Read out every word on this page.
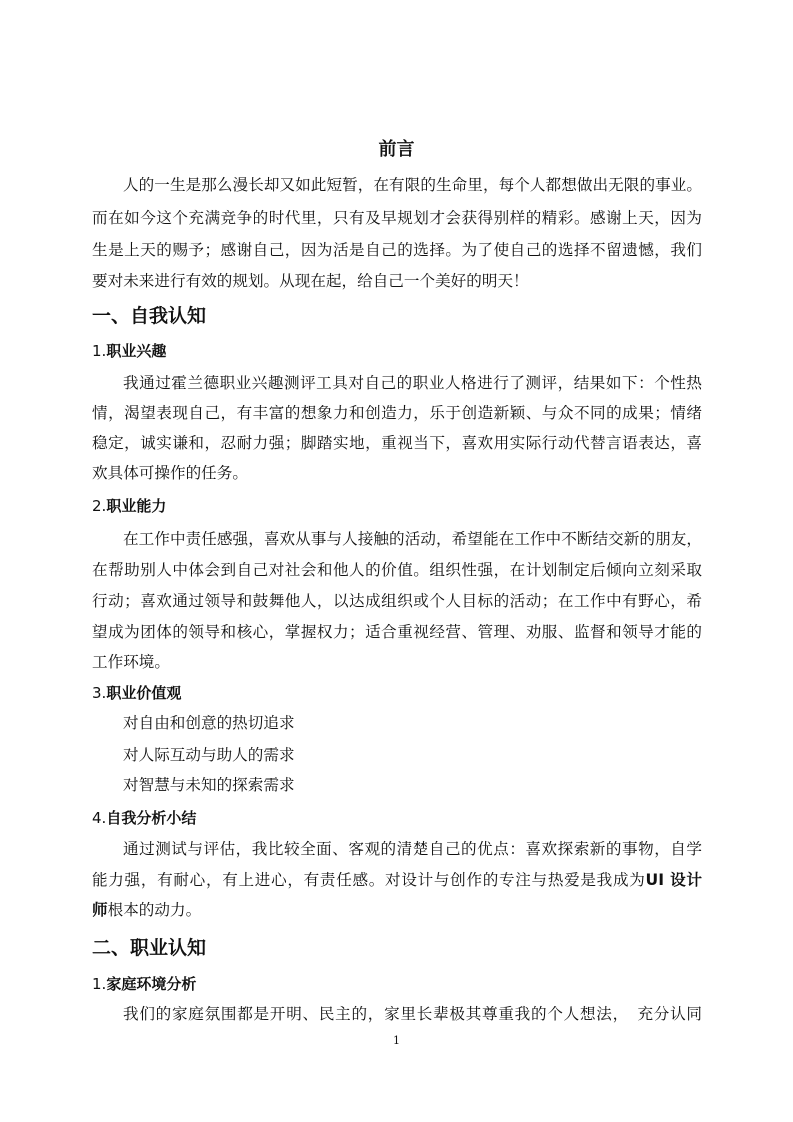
前言
人的一生是那么漫长却又如此短暂，在有限的生命里，每个人都想做出无限的事业。
而在如今这个充满竞争的时代里，只有及早规划才会获得别样的精彩。感谢上天，因为
生是上天的赐予；感谢自己，因为活是自己的选择。为了使自己的选择不留遗憾，我们
要对未来进行有效的规划。从现在起，给自己一个美好的明天！
一、自我认知
1.职业兴趣
我通过霍兰德职业兴趣测评工具对自己的职业人格进行了测评，结果如下：个性热
情，渴望表现自己，有丰富的想象力和创造力，乐于创造新颖、与众不同的成果；情绪
稳定，诚实谦和，忍耐力强；脚踏实地，重视当下，喜欢用实际行动代替言语表达，喜
欢具体可操作的任务。
2.职业能力
在工作中责任感强，喜欢从事与人接触的活动，希望能在工作中不断结交新的朋友，
在帮助别人中体会到自己对社会和他人的价值。组织性强，在计划制定后倾向立刻采取
行动；喜欢通过领导和鼓舞他人，以达成组织或个人目标的活动；在工作中有野心，希
望成为团体的领导和核心，掌握权力；适合重视经营、管理、劝服、监督和领导才能的
工作环境。
3.职业价值观
对自由和创意的热切追求
对人际互动与助人的需求
对智慧与未知的探索需求
4.自我分析小结
通过测试与评估，我比较全面、客观的清楚自己的优点：喜欢探索新的事物，自学
能力强，有耐心，有上进心，有责任感。对设计与创作的专注与热爱是我成为UI 设计
师根本的动力。
二、职业认知
1.家庭环境分析
我们的家庭氛围都是开明、民主的，家里长辈极其尊重我的个人想法，　充分认同
1
